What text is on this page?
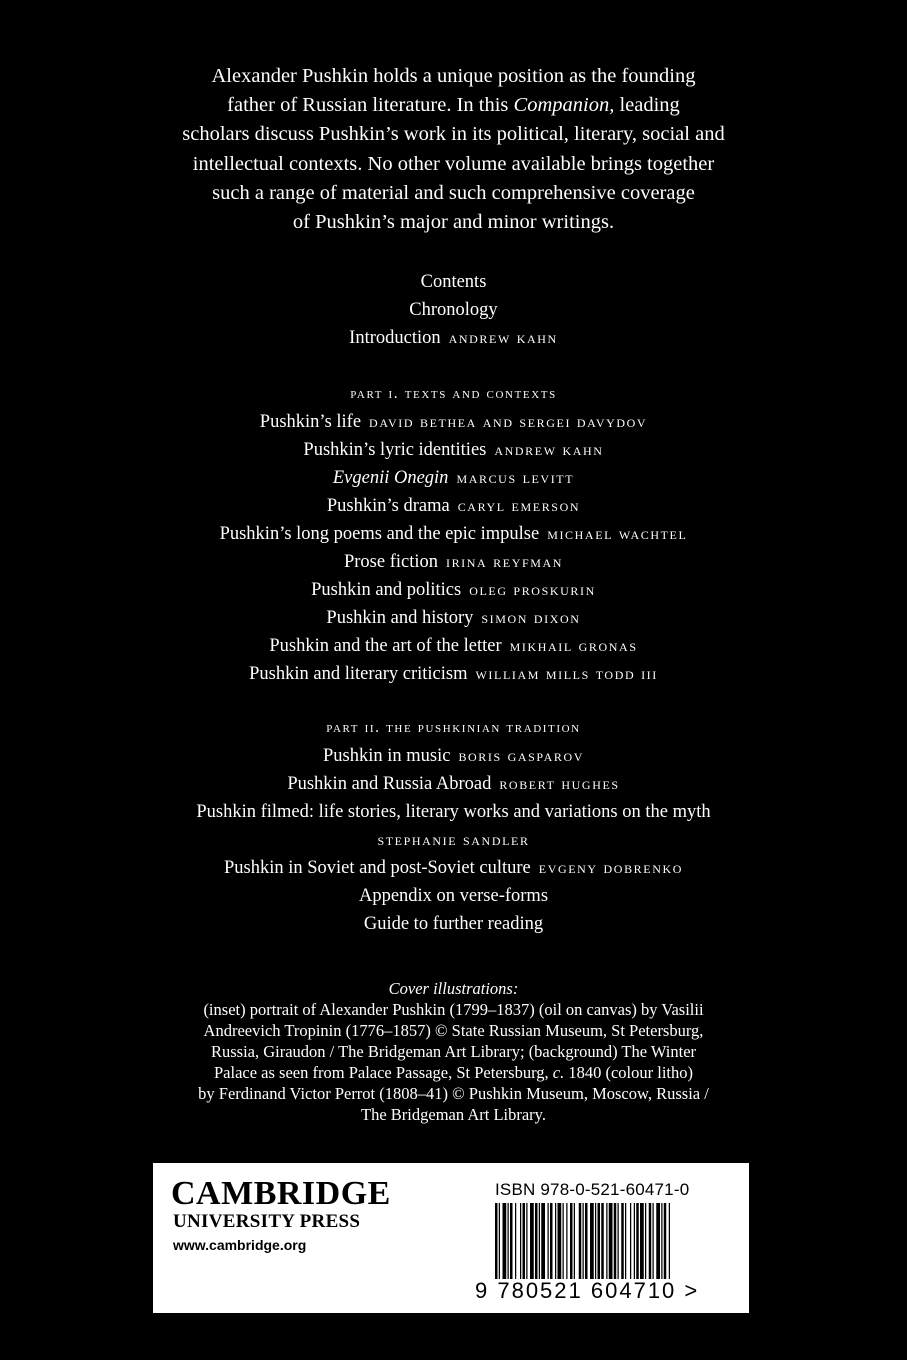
Alexander Pushkin holds a unique position as the founding
father of Russian literature. In this Companion, leading
scholars discuss Pushkin’s work in its political, literary, social and
intellectual contexts. No other volume available brings together
such a range of material and such comprehensive coverage
of Pushkin’s major and minor writings.
Contents
Chronology
Introduction andrew kahn
part i. texts and contexts
Pushkin’s life david bethea and sergei davydov
Pushkin’s lyric identities andrew kahn
Evgenii Onegin marcus levitt
Pushkin’s drama caryl emerson
Pushkin’s long poems and the epic impulse michael wachtel
Prose fiction irina reyfman
Pushkin and politics oleg proskurin
Pushkin and history simon dixon
Pushkin and the art of the letter mikhail gronas
Pushkin and literary criticism william mills todd iii
part ii. the pushkinian tradition
Pushkin in music boris gasparov
Pushkin and Russia Abroad robert hughes
Pushkin filmed: life stories, literary works and variations on the myth
stephanie sandler
Pushkin in Soviet and post-Soviet culture evgeny dobrenko
Appendix on verse-forms
Guide to further reading
Cover illustrations:
(inset) portrait of Alexander Pushkin (1799–1837) (oil on canvas) by Vasilii
Andreevich Tropinin (1776–1857) © State Russian Museum, St Petersburg,
Russia, Giraudon / The Bridgeman Art Library; (background) The Winter
Palace as seen from Palace Passage, St Petersburg, c. 1840 (colour litho)
by Ferdinand Victor Perrot (1808–41) © Pushkin Museum, Moscow, Russia /
The Bridgeman Art Library.
CAMBRIDGE
UNIVERSITY PRESS
www.cambridge.org
ISBN 978-0-521-60471-0
9 780521 604710 >
